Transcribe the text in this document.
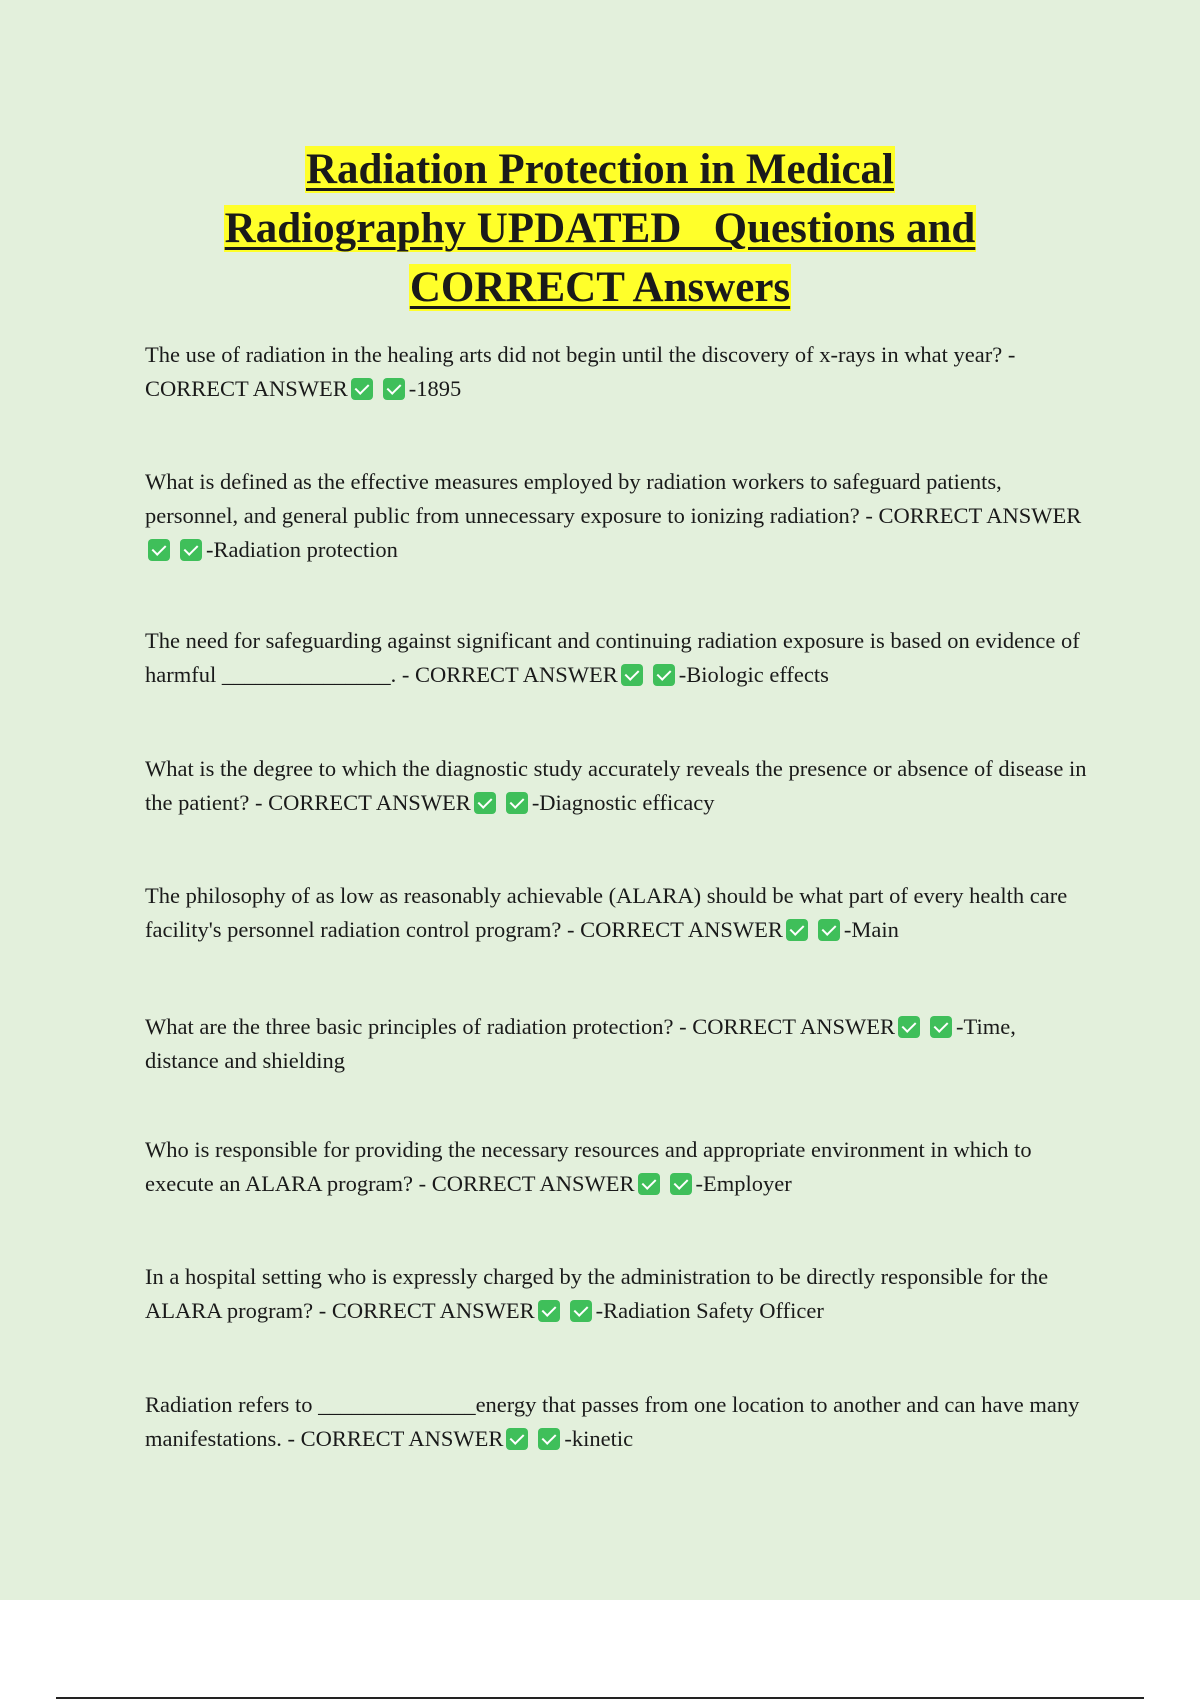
Radiation Protection in Medical
Radiography UPDATED   Questions and
CORRECT Answers

The use of radiation in the healing arts did not begin until the discovery of x-rays in what year? - CORRECT ANSWER	-1895

What is defined as the effective measures employed by radiation workers to safeguard patients, personnel, and general public from unnecessary exposure to ionizing radiation? - CORRECT ANSWER-Radiation protection

The need for safeguarding against significant and continuing radiation exposure is based on evidence of harmful _______________. - CORRECT ANSWER	-Biologic effects

What is the degree to which the diagnostic study accurately reveals the presence or absence of disease in the patient? - CORRECT ANSWER	-Diagnostic efficacy

The philosophy of as low as reasonably achievable (ALARA) should be what part of every health care facility's personnel radiation control program? - CORRECT ANSWER	-Main

What are the three basic principles of radiation protection? - CORRECT ANSWER	-Time, distance and shielding

Who is responsible for providing the necessary resources and appropriate environment in which to execute an ALARA program? - CORRECT ANSWER	-Employer

In a hospital setting who is expressly charged by the administration to be directly responsible for the ALARA program? - CORRECT ANSWER	-Radiation Safety Officer

Radiation refers to ______________energy that passes from one location to another and can have many manifestations. - CORRECT ANSWER	-kinetic
